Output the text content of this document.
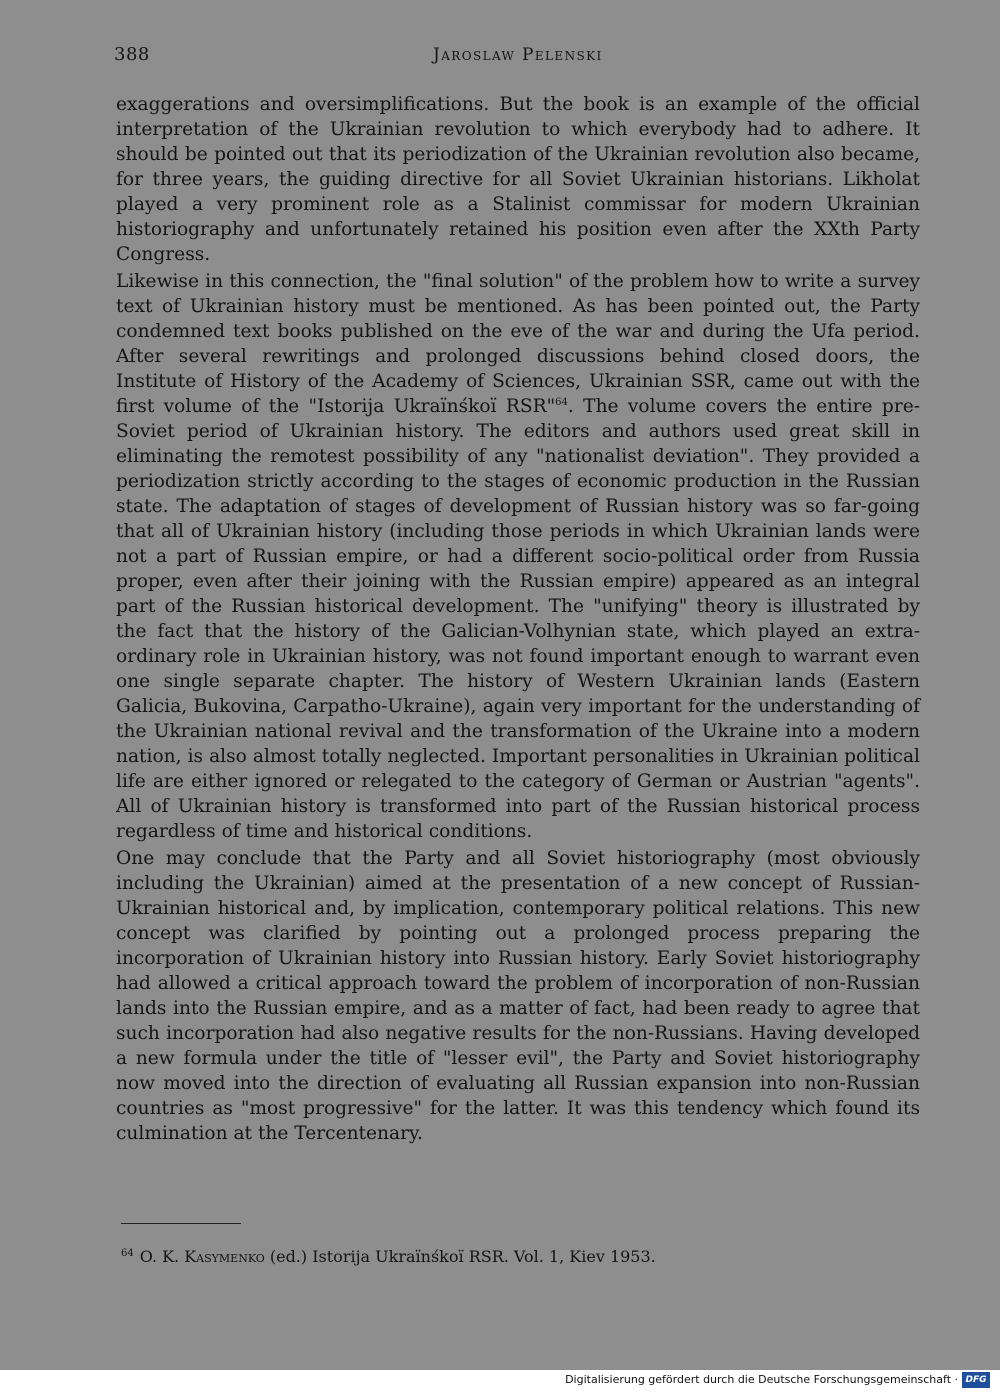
388	Jaroslaw Pelenski

exaggerations and oversimplifications. But the book is an example of the official interpretation of the Ukrainian revolution to which everybody had to adhere. It should be pointed out that its periodization of the Ukrainian revolution also became, for three years, the guiding directive for all Soviet Ukrainian historians. Likholat played a very prominent role as a Stalinist commissar for modern Ukrainian historiography and unfortunately retained his position even after the XXth Party Congress.

Likewise in this connection, the "final solution" of the problem how to write a survey text of Ukrainian history must be mentioned. As has been pointed out, the Party condemned text books published on the eve of the war and during the Ufa period. After several rewritings and prolonged discussions behind closed doors, the Institute of History of the Academy of Sciences, Ukrainian SSR, came out with the first volume of the "Istorija Ukraïnśkoï RSR"$^{64}$. The volume covers the entire pre-Soviet period of Ukrainian history. The editors and authors used great skill in eliminating the remotest possibility of any "nationalist deviation". They provided a periodization strictly according to the stages of economic production in the Russian state. The adaptation of stages of development of Russian history was so far-going that all of Ukrainian history (including those periods in which Ukrainian lands were not a part of Russian empire, or had a different socio-political order from Russia proper, even after their joining with the Russian empire) appeared as an integral part of the Russian historical development. The "unifying" theory is illustrated by the fact that the history of the Galician-Volhynian state, which played an extraordinary role in Ukrainian history, was not found important enough to warrant even one single separate chapter. The history of Western Ukrainian lands (Eastern Galicia, Bukovina, Carpatho-Ukraine), again very important for the understanding of the Ukrainian national revival and the transformation of the Ukraine into a modern nation, is also almost totally neglected. Important personalities in Ukrainian political life are either ignored or relegated to the category of German or Austrian "agents". All of Ukrainian history is transformed into part of the Russian historical process regardless of time and historical conditions.

One may conclude that the Party and all Soviet historiography (most obviously including the Ukrainian) aimed at the presentation of a new concept of Russian-Ukrainian historical and, by implication, contemporary political relations. This new concept was clarified by pointing out a prolonged process preparing the incorporation of Ukrainian history into Russian history. Early Soviet historiography had allowed a critical approach toward the problem of incorporation of non-Russian lands into the Russian empire, and as a matter of fact, had been ready to agree that such incorporation had also negative results for the non-Russians. Having developed a new formula under the title of "lesser evil", the Party and Soviet historiography now moved into the direction of evaluating all Russian expansion into non-Russian countries as "most progressive" for the latter. It was this tendency which found its culmination at the Tercentenary.

$^{64}$ O. K. Kasymenko (ed.) Istorija Ukraïnśkoï RSR. Vol. 1, Kiev 1953.
Digitalisierung gefördert durch die Deutsche Forschungsgemeinschaft · DFG
